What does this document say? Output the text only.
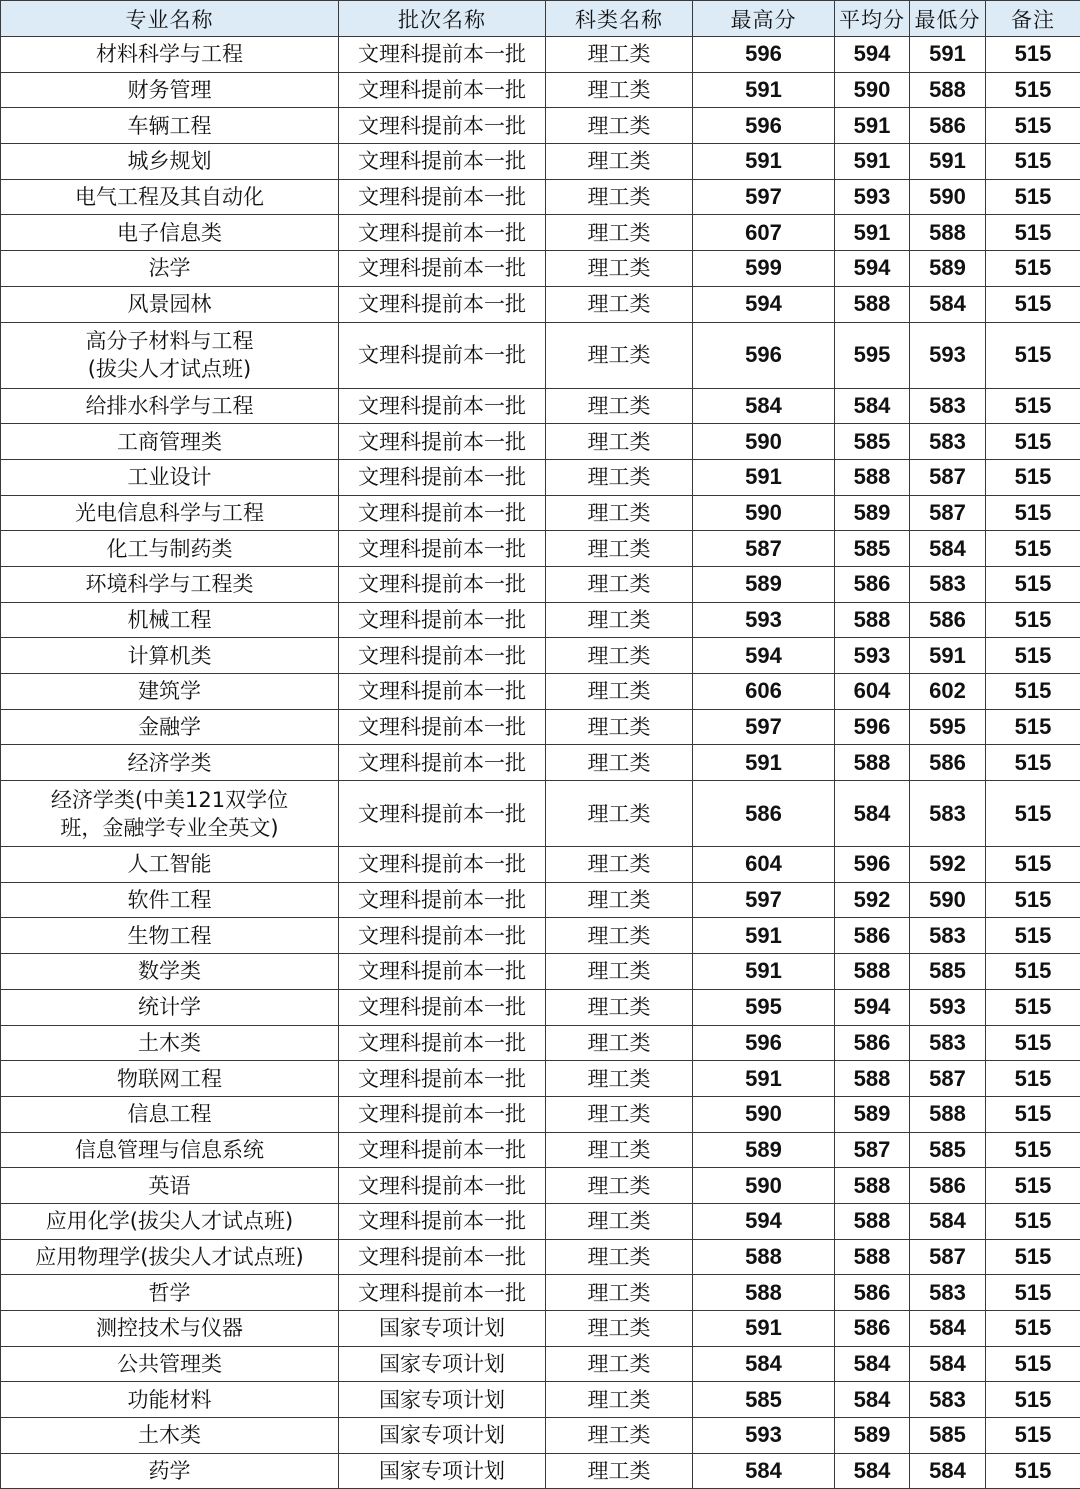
专业名称	批次名称	科类名称	最高分	平均分	最低分	备注
材料科学与工程	文理科提前本一批	理工类	596	594	591	515
财务管理	文理科提前本一批	理工类	591	590	588	515
车辆工程	文理科提前本一批	理工类	596	591	586	515
城乡规划	文理科提前本一批	理工类	591	591	591	515
电气工程及其自动化	文理科提前本一批	理工类	597	593	590	515
电子信息类	文理科提前本一批	理工类	607	591	588	515
法学	文理科提前本一批	理工类	599	594	589	515
风景园林	文理科提前本一批	理工类	594	588	584	515
高分子材料与工程
(拔尖人才试点班)	文理科提前本一批	理工类	596	595	593	515
给排水科学与工程	文理科提前本一批	理工类	584	584	583	515
工商管理类	文理科提前本一批	理工类	590	585	583	515
工业设计	文理科提前本一批	理工类	591	588	587	515
光电信息科学与工程	文理科提前本一批	理工类	590	589	587	515
化工与制药类	文理科提前本一批	理工类	587	585	584	515
环境科学与工程类	文理科提前本一批	理工类	589	586	583	515
机械工程	文理科提前本一批	理工类	593	588	586	515
计算机类	文理科提前本一批	理工类	594	593	591	515
建筑学	文理科提前本一批	理工类	606	604	602	515
金融学	文理科提前本一批	理工类	597	596	595	515
经济学类	文理科提前本一批	理工类	591	588	586	515
经济学类(中美121双学位
班，金融学专业全英文)	文理科提前本一批	理工类	586	584	583	515
人工智能	文理科提前本一批	理工类	604	596	592	515
软件工程	文理科提前本一批	理工类	597	592	590	515
生物工程	文理科提前本一批	理工类	591	586	583	515
数学类	文理科提前本一批	理工类	591	588	585	515
统计学	文理科提前本一批	理工类	595	594	593	515
土木类	文理科提前本一批	理工类	596	586	583	515
物联网工程	文理科提前本一批	理工类	591	588	587	515
信息工程	文理科提前本一批	理工类	590	589	588	515
信息管理与信息系统	文理科提前本一批	理工类	589	587	585	515
英语	文理科提前本一批	理工类	590	588	586	515
应用化学(拔尖人才试点班)	文理科提前本一批	理工类	594	588	584	515
应用物理学(拔尖人才试点班)	文理科提前本一批	理工类	588	588	587	515
哲学	文理科提前本一批	理工类	588	586	583	515
测控技术与仪器	国家专项计划	理工类	591	586	584	515
公共管理类	国家专项计划	理工类	584	584	584	515
功能材料	国家专项计划	理工类	585	584	583	515
土木类	国家专项计划	理工类	593	589	585	515
药学	国家专项计划	理工类	584	584	584	515
